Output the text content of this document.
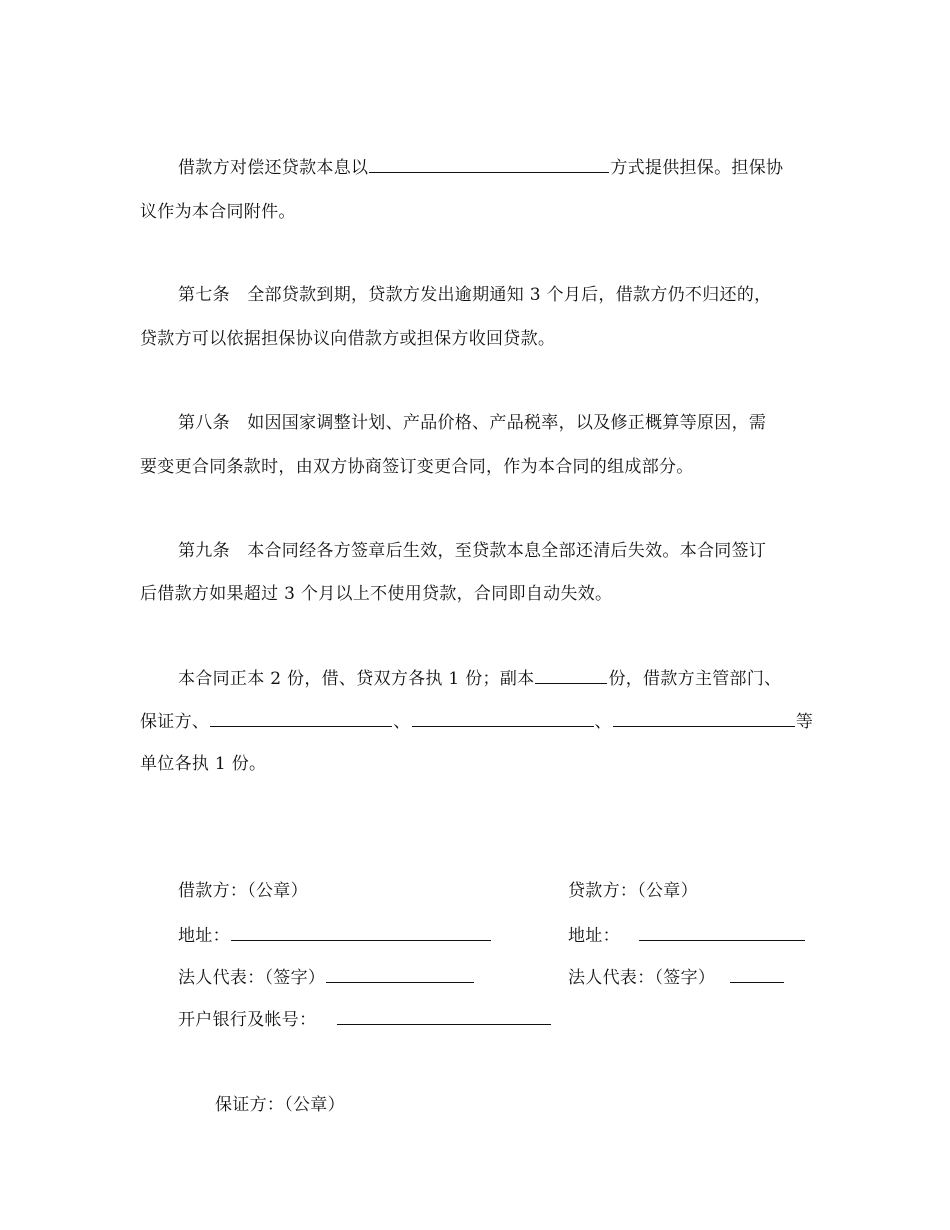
借款方对偿还贷款本息以	方式提供担保。担保协
议作为本合同附件。
第七条　全部贷款到期，贷款方发出逾期通知 3 个月后，借款方仍不归还的，
贷款方可以依据担保协议向借款方或担保方收回贷款。
第八条　如因国家调整计划、产品价格、产品税率，以及修正概算等原因，需
要变更合同条款时，由双方协商签订变更合同，作为本合同的组成部分。
第九条　本合同经各方签章后生效，至贷款本息全部还清后失效。本合同签订
后借款方如果超过 3 个月以上不使用贷款，合同即自动失效。
本合同正本 2 份，借、贷双方各执 1 份；副本	份，借款方主管部门、
保证方、	、	、	等
单位各执 1 份。
借款方：（公章）
地址：
法人代表：（签字）
开户银行及帐号：
贷款方：（公章）
地址：
法人代表：（签字）
保证方：（公章）
